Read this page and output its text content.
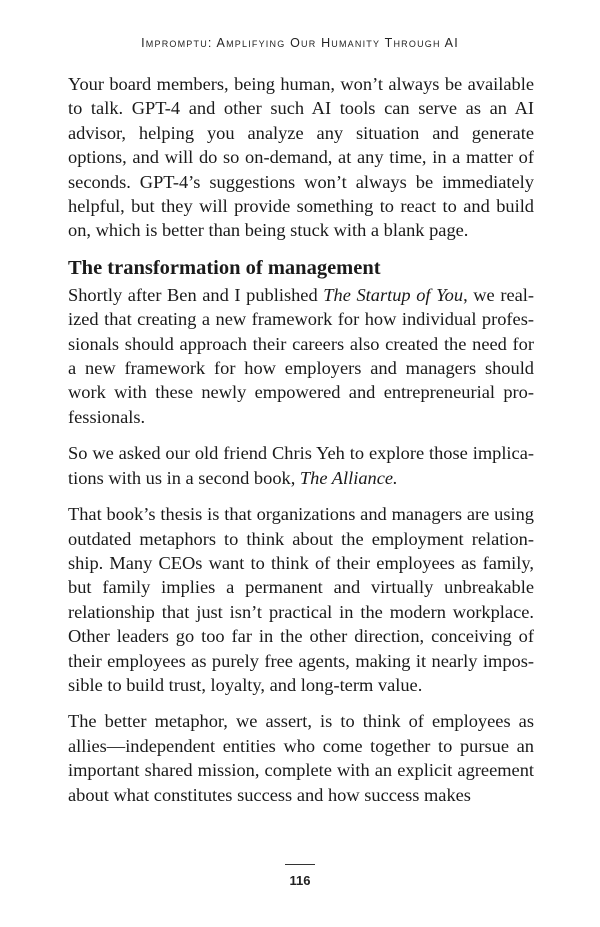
Impromptu: Amplifying Our Humanity Through AI

Your board members, being human, won’t always be available to talk. GPT-4 and other such AI tools can serve as an AI advisor, helping you analyze any situation and generate options, and will do so on-demand, at any time, in a matter of seconds. GPT-4’s suggestions won’t always be immediately helpful, but they will provide something to react to and build on, which is better than being stuck with a blank page.

The transformation of management

Shortly after Ben and I published The Startup of You, we realized that creating a new framework for how individual professionals should approach their careers also created the need for a new framework for how employers and managers should work with these newly empowered and entrepreneurial professionals.

So we asked our old friend Chris Yeh to explore those implications with us in a second book, The Alliance.

That book’s thesis is that organizations and managers are using outdated metaphors to think about the employment relationship. Many CEOs want to think of their employees as family, but family implies a permanent and virtually unbreakable relationship that just isn’t practical in the modern workplace. Other leaders go too far in the other direction, conceiving of their employees as purely free agents, making it nearly impossible to build trust, loyalty, and long-term value.

The better metaphor, we assert, is to think of employees as allies—independent entities who come together to pursue an important shared mission, complete with an explicit agreement about what constitutes success and how success makes

116
